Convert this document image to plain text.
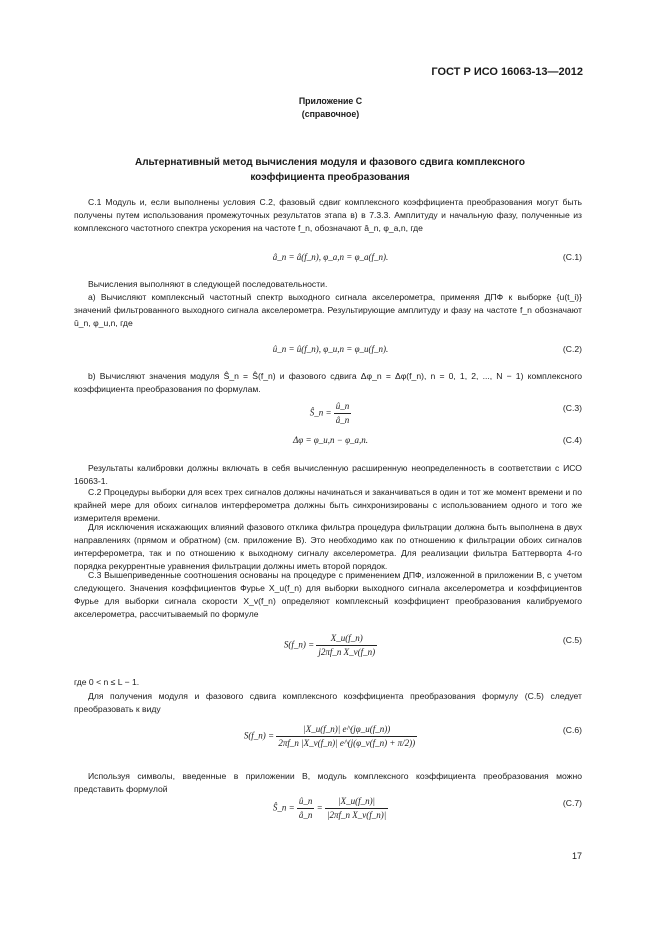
ГОСТ Р ИСО 16063-13—2012
Приложение С
(справочное)
Альтернативный метод вычисления модуля и фазового сдвига комплексного
коэффициента преобразования
С.1 Модуль и, если выполнены условия С.2, фазовый сдвиг комплексного коэффициента преобразования могут быть получены путем использования промежуточных результатов этапа в) в 7.3.3. Амплитуду и начальную фазу, полученные из комплексного частотного спектра ускорения на частоте f_n, обозначают â_n, φ_a,n, где
â_n = â(f_n), φ_a,n = φ_a(f_n).	(С.1)
Вычисления выполняют в следующей последовательности.
а) Вычисляют комплексный частотный спектр выходного сигнала акселерометра, применяя ДПФ к выборке {u(t_i)} значений фильтрованного выходного сигнала акселерометра. Результирующие амплитуду и фазу на частоте f_n обозначают û_n, φ_u,n, где
û_n = û(f_n), φ_u,n = φ_u(f_n).	(С.2)
b) Вычисляют значения модуля Ŝ_n = Ŝ(f_n) и фазового сдвига Δφ_n = Δφ(f_n), n = 0, 1, 2, ..., N − 1) комплексного коэффициента преобразования по формулам.
Ŝ_n = $\frac{û\_n}{â\_n}$	(С.3)
Δφ = φ_u,n − φ_a,n.	(С.4)
Результаты калибровки должны включать в себя вычисленную расширенную неопределенность в соответствии с ИСО 16063-1.
С.2 Процедуры выборки для всех трех сигналов должны начинаться и заканчиваться в один и тот же момент времени и по крайней мере для обоих сигналов интерферометра должны быть синхронизированы с использованием одного и того же измерителя времени.
Для исключения искажающих влияний фазового отклика фильтра процедура фильтрации должна быть выполнена в двух направлениях (прямом и обратном) (см. приложение В). Это необходимо как по отношению к фильтрации обоих сигналов интерферометра, так и по отношению к выходному сигналу акселерометра. Для реализации фильтра Баттерворта 4-го порядка рекуррентные уравнения фильтрации должны иметь второй порядок.
С.3 Вышеприведенные соотношения основаны на процедуре с применением ДПФ, изложенной в приложении В, с учетом следующего. Значения коэффициентов Фурье X_u(f_n) для выборки выходного сигнала акселерометра и коэффициентов Фурье для выборки сигнала скорости X_v(f_n) определяют комплексный коэффициент преобразования калибруемого акселерометра, рассчитываемый по формуле
S(f_n) = $\frac{X\_u(f\_n)}{\text{j2πf\_n X\_v(f\_n)}}$	(С.5)
где 0 < n ≤ L − 1.
Для получения модуля и фазового сдвига комплексного коэффициента преобразования формулу (С.5) следует преобразовать к виду
S(f_n) = $\frac{|X\_u(f\_n)| e\^{}(j\varphi\_u(f\_n))}{2\pi f\_n |X\_v(f\_n)| e\^{}(j(\varphi\_v(f\_n) + \pi/2))}$	(С.6)
Используя символы, введенные в приложении В, модуль комплексного коэффициента преобразования можно представить формулой
Ŝ_n = $\frac{û\_n}{â\_n} = \frac{|X\_u(f\_n)|}{\text{|2πf\_n X\_v(f\_n)|}}$	(С.7)
17
